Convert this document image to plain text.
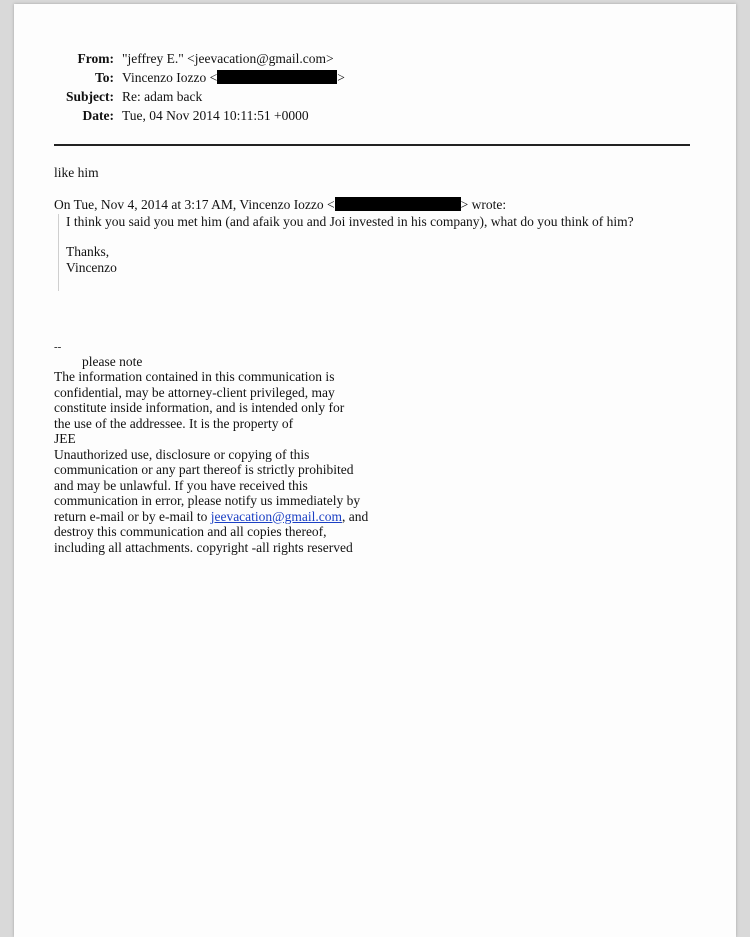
From: "jeffrey E." <jeevacation@gmail.com>
To: Vincenzo Iozzo <	>
Subject: Re: adam back
Date: Tue, 04 Nov 2014 10:11:51 +0000
like him
On Tue, Nov 4, 2014 at 3:17 AM, Vincenzo Iozzo <	> wrote:
I think you said you met him (and afaik you and Joi invested in his company), what do you think of him?
Thanks,
Vincenzo
--
please note
The information contained in this communication is
confidential, may be attorney-client privileged, may
constitute inside information, and is intended only for
the use of the addressee. It is the property of
JEE
Unauthorized use, disclosure or copying of this
communication or any part thereof is strictly prohibited
and may be unlawful. If you have received this
communication in error, please notify us immediately by
return e-mail or by e-mail to jeevacation@gmail.com, and
destroy this communication and all copies thereof,
including all attachments. copyright -all rights reserved
